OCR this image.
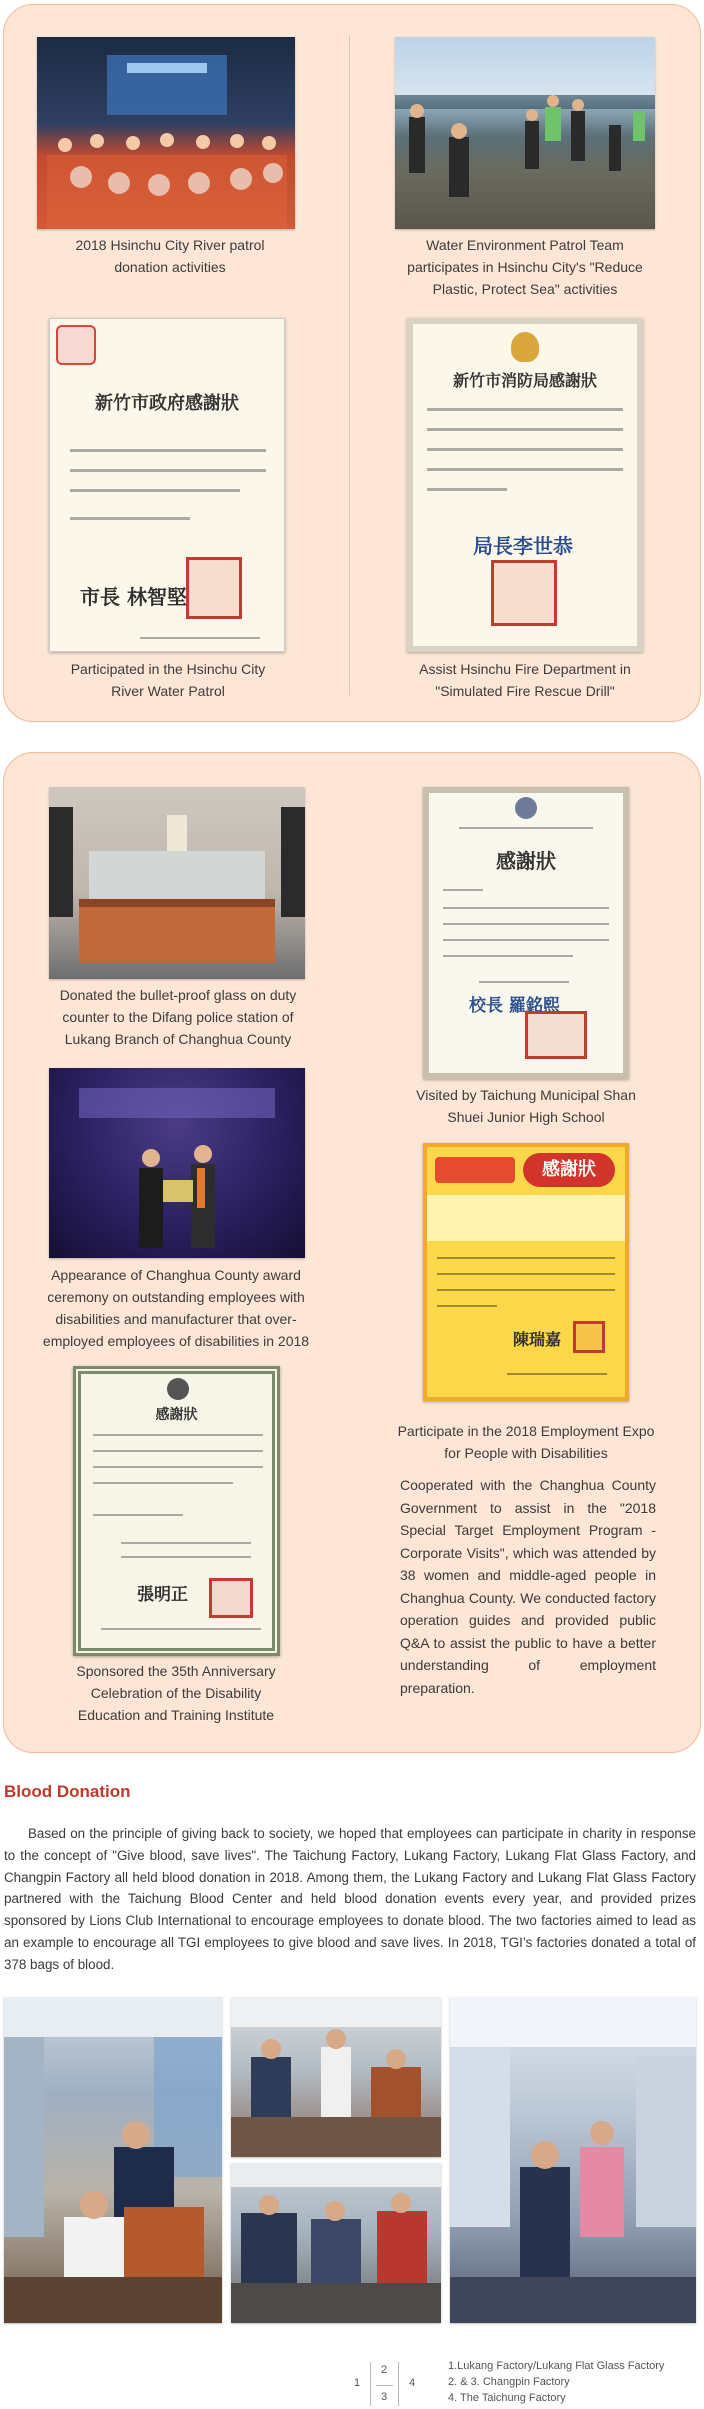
2018 Hsinchu City River patrol donation activities
Water Environment Patrol Team participates in Hsinchu City's "Reduce Plastic, Protect Sea" activities
新竹市政府感謝狀
市長 林智堅
Participated in the Hsinchu City River Water Patrol
新竹市消防局感謝狀
局長李世恭
Assist Hsinchu Fire Department in "Simulated Fire Rescue Drill"
Donated the bullet-proof glass on duty counter to the Difang police station of Lukang Branch of Changhua County
Appearance of Changhua County award ceremony on outstanding employees with disabilities and manufacturer that over-employed employees of disabilities in 2018
感謝狀
張明正
Sponsored the 35th Anniversary Celebration of the Disability Education and Training Institute
感謝狀
校長 羅銘熙
Visited by Taichung Municipal Shan Shuei Junior High School
感謝狀
陳瑞嘉
Participate in the 2018 Employment Expo for People with Disabilities
Cooperated with the Changhua County Government to assist in the "2018 Special Target Employment Program - Corporate Visits", which was attended by 38 women and middle-aged people in Changhua County. We conducted factory operation guides and provided public Q&A to assist the public to have a better understanding of employment preparation.
Blood Donation
Based on the principle of giving back to society, we hoped that employees can participate in charity in response to the concept of "Give blood, save lives". The Taichung Factory, Lukang Factory, Lukang Flat Glass Factory, and Changpin Factory all held blood donation in 2018. Among them, the Lukang Factory and Lukang Flat Glass Factory partnered with the Taichung Blood Center and held blood donation events every year, and provided prizes sponsored by Lions Club International to encourage employees to donate blood. The two factories aimed to lead as an example to encourage all TGI employees to give blood and save lives. In 2018, TGI’s factories donated a total of 378 bags of blood.
1
2
3
4
1.Lukang Factory/Lukang Flat Glass Factory
2. & 3. Changpin Factory
4. The Taichung Factory
